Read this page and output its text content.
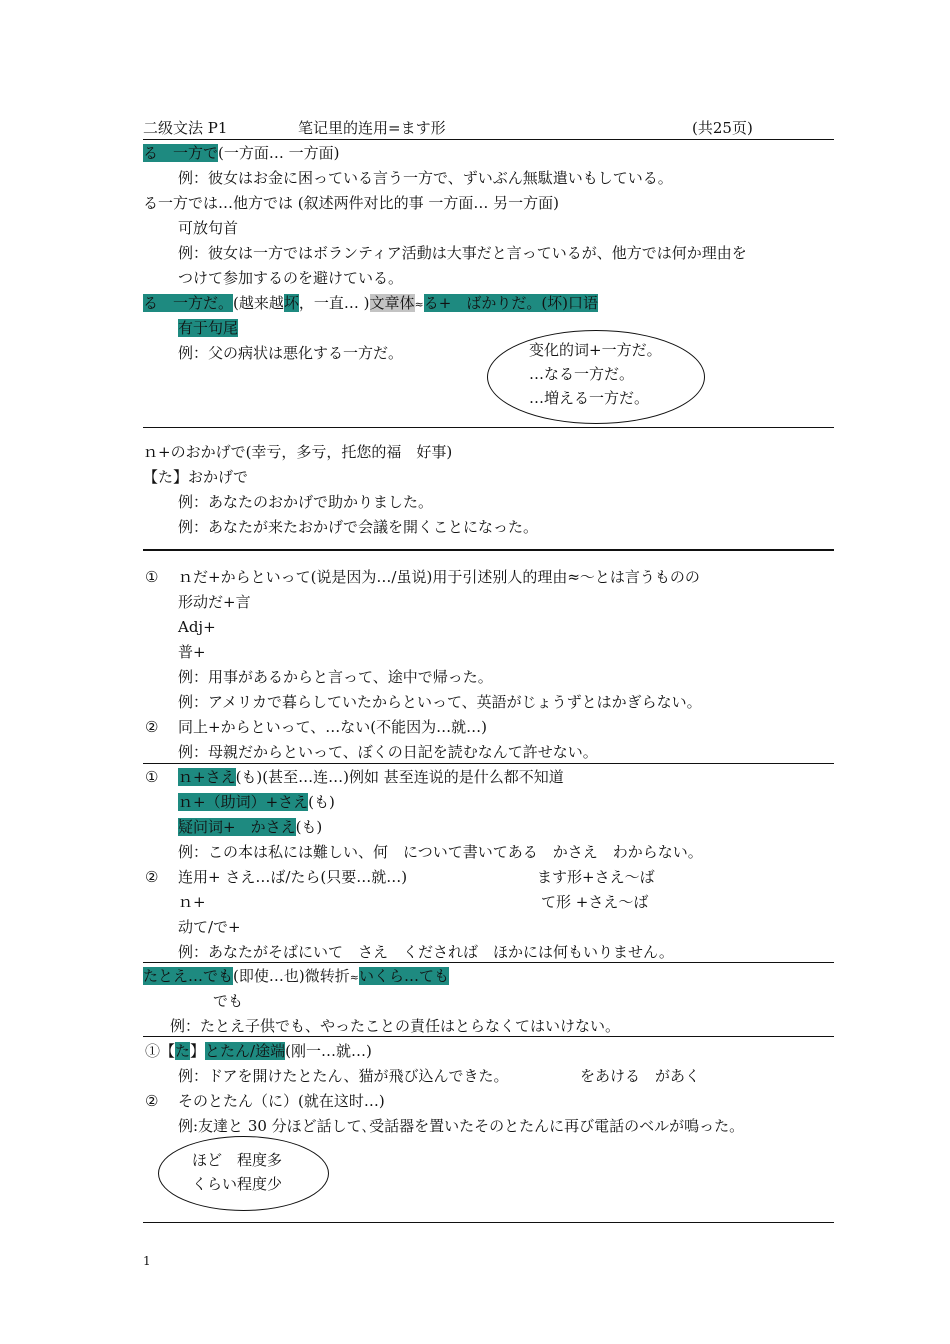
二级文法 P1	笔记里的连用=ます形	(共25页)
る　一方で(一方面… 一方面)
例：彼女はお金に困っている言う一方で、ずいぶん無駄遣いもしている。
る一方では…他方では (叙述两件对比的事 一方面… 另一方面)
可放句首
例：彼女は一方ではボランティア活動は大事だと言っているが、他方では何か理由を
つけて参加するのを避けている。
る　一方だ。(越来越坏，一直… )文章体≈る+　ばかりだ。(坏)口语
有于句尾
例：父の病状は悪化する一方だ。	变化的词+一方だ。
…なる一方だ。
…増える一方だ。
ｎ+のおかげで(幸亏，多亏，托您的福　好事)
【た】おかげで
例：あなたのおかげで助かりました。
例：あなたが来たおかげで会議を開くことになった。
① ｎだ+からといって(说是因为…/虽说)用于引述别人的理由≈〜とは言うものの
形动だ+言
Adj+
普+
例：用事があるからと言って、途中で帰った。
例：アメリカで暮らしていたからといって、英語がじょうずとはかぎらない。
② 同上+からといって、…ない(不能因为…就…)
例：母親だからといって、ぼくの日記を読むなんて許せない。
① ｎ+さえ(も)(甚至…连…)例如 甚至连说的是什么都不知道
ｎ+（助词）+さえ(も)
疑问词+　かさえ(も)
例：この本は私には難しい、何　について書いてある　かさえ　わからない。
② 连用+ さえ…ば/たら(只要…就…)	ます形+さえ〜ば
ｎ+	て形 +さえ〜ば
动て/で+
例：あなたがそばにいて　さえ　くだされば　ほかには何もいりません。
たとえ…でも(即使…也)微转折≈いくら…ても
でも
例：たとえ子供でも、やったことの責任はとらなくてはいけない。
①【た】とたん/途端(刚一…就…)
例：ドアを開けたとたん、猫が飛び込んできた。	をあける　があく
② そのとたん（に）(就在这时…)
例:友達と 30 分ほど話して､受話器を置いたそのとたんに再び電話のベルが鳴った。
ほど　程度多
くらい程度少
1
